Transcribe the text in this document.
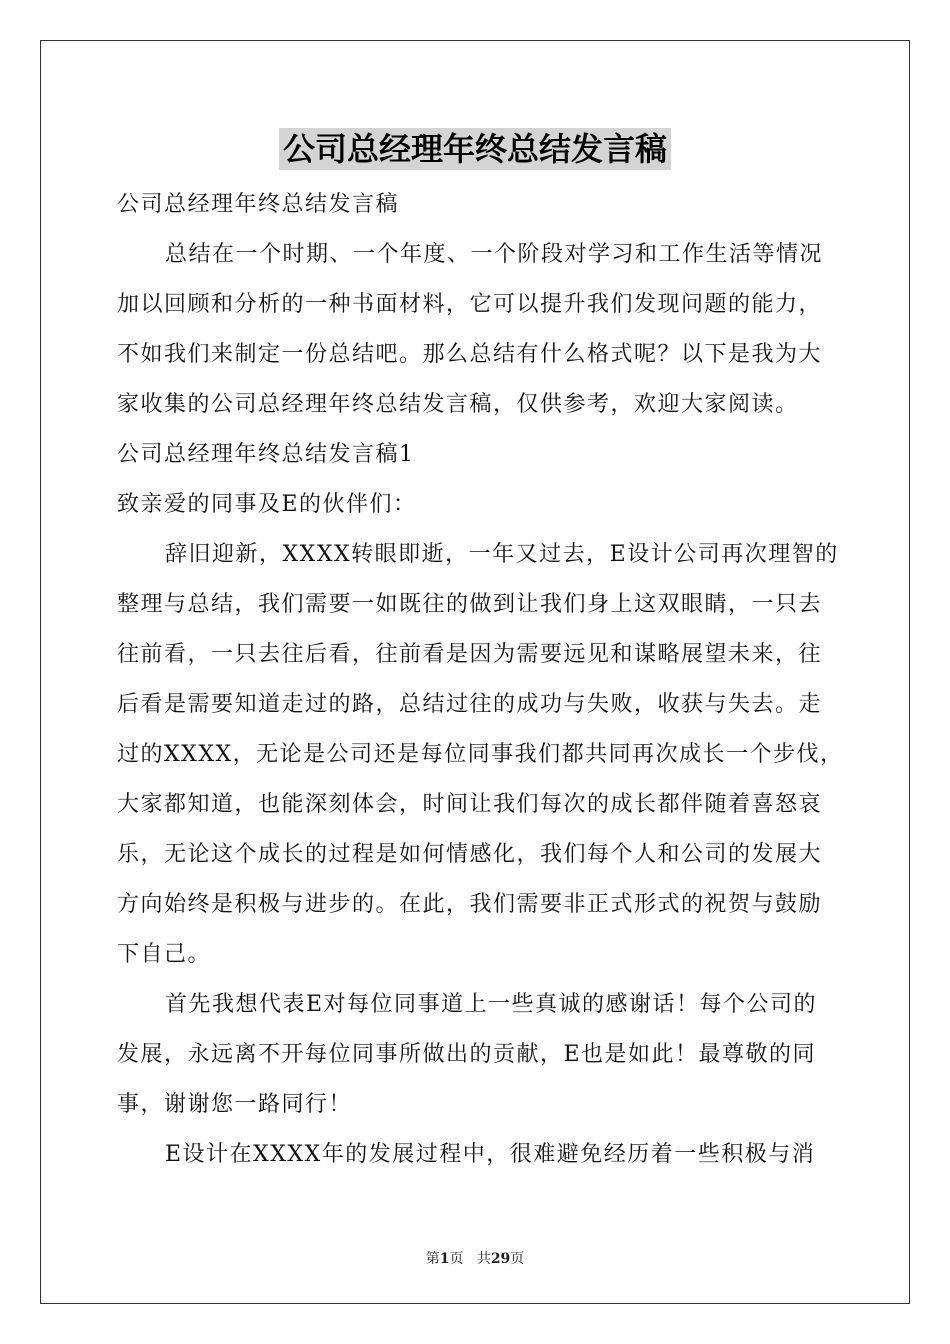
公司总经理年终总结发言稿
公司总经理年终总结发言稿
总结在一个时期、一个年度、一个阶段对学习和工作生活等情况
加以回顾和分析的一种书面材料，它可以提升我们发现问题的能力，
不如我们来制定一份总结吧。那么总结有什么格式呢？以下是我为大
家收集的公司总经理年终总结发言稿，仅供参考，欢迎大家阅读。
公司总经理年终总结发言稿1
致亲爱的同事及E的伙伴们：
辞旧迎新，XXXX转眼即逝，一年又过去，E设计公司再次理智的
整理与总结，我们需要一如既往的做到让我们身上这双眼睛，一只去
往前看，一只去往后看，往前看是因为需要远见和谋略展望未来，往
后看是需要知道走过的路，总结过往的成功与失败，收获与失去。走
过的XXXX，无论是公司还是每位同事我们都共同再次成长一个步伐，
大家都知道，也能深刻体会，时间让我们每次的成长都伴随着喜怒哀
乐，无论这个成长的过程是如何情感化，我们每个人和公司的发展大
方向始终是积极与进步的。在此，我们需要非正式形式的祝贺与鼓励
下自己。
首先我想代表E对每位同事道上一些真诚的感谢话！每个公司的
发展，永远离不开每位同事所做出的贡献，E也是如此！最尊敬的同
事，谢谢您一路同行！
E设计在XXXX年的发展过程中，很难避免经历着一些积极与消
第1页 共29页
